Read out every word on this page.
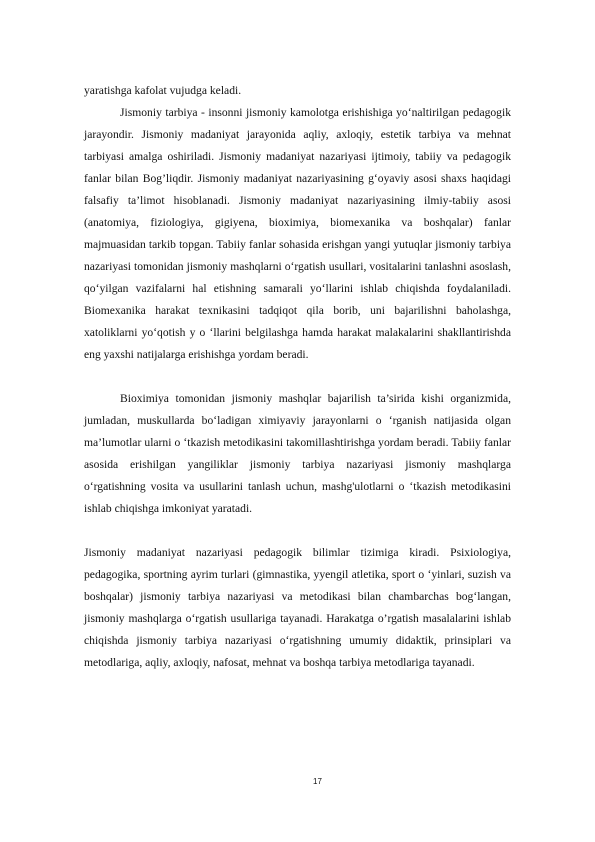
yaratishga kafolat vujudga keladi.

Jismoniy tarbiya - insonni jismoniy kamolotga erishishiga yo‘naltirilgan pedagogik jarayondir. Jismoniy madaniyat jarayonida aqliy, axloqiy, estetik tarbiya va mehnat tarbiyasi amalga oshiriladi. Jismoniy madaniyat nazariyasi ijtimoiy, tabiiy va pedagogik fanlar bilan Bog’liqdir. Jismoniy madaniyat nazariyasining g‘oyaviy asosi shaxs haqidagi falsafiy ta’limot hisoblanadi. Jismoniy madaniyat nazariyasining ilmiy-tabiiy asosi (anatomiya, fiziologiya, gigiyena, bioximiya, biomexanika va boshqalar) fanlar majmuasidan tarkib topgan. Tabiiy fanlar sohasida erishgan yangi yutuqlar jismoniy tarbiya nazariyasi tomonidan jismoniy mashqlarni o‘rgatish usullari, vositalarini tanlashni asoslash, qo‘yilgan vazifalarni hal etishning samarali yo‘llarini ishlab chiqishda foydalaniladi. Biomexanika harakat texnikasini tadqiqot qila borib, uni bajarilishni baholashga, xatoliklarni yo‘qotish y o ‘llarini belgilashga hamda harakat malakalarini shakllantirishda eng yaxshi natijalarga erishishga yordam beradi.

Bioximiya tomonidan jismoniy mashqlar bajarilish ta’sirida kishi organizmida, jumladan, muskullarda bo‘ladigan ximiyaviy jarayonlarni o ‘rganish natijasida olgan ma’lumotlar ularni o ‘tkazish metodikasini takomillashtirishga yordam beradi. Tabiiy fanlar asosida erishilgan yangiliklar jismoniy tarbiya nazariyasi jismoniy mashqlarga o‘rgatishning vosita va usullarini tanlash uchun, mashg'ulotlarni o ‘tkazish metodikasini ishlab chiqishga imkoniyat yaratadi.

Jismoniy madaniyat nazariyasi pedagogik bilimlar tizimiga kiradi. Psixiologiya, pedagogika, sportning ayrim turlari (gimnastika, yyengil atletika, sport o ‘yinlari, suzish va boshqalar) jismoniy tarbiya nazariyasi va metodikasi bilan chambarchas bog‘langan, jismoniy mashqlarga o‘rgatish usullariga tayanadi. Harakatga o’rgatish masalalarini ishlab chiqishda jismoniy tarbiya nazariyasi o‘rgatishning umumiy didaktik, prinsiplari va metodlariga, aqliy, axloqiy, nafosat, mehnat va boshqa tarbiya metodlariga tayanadi.

17
